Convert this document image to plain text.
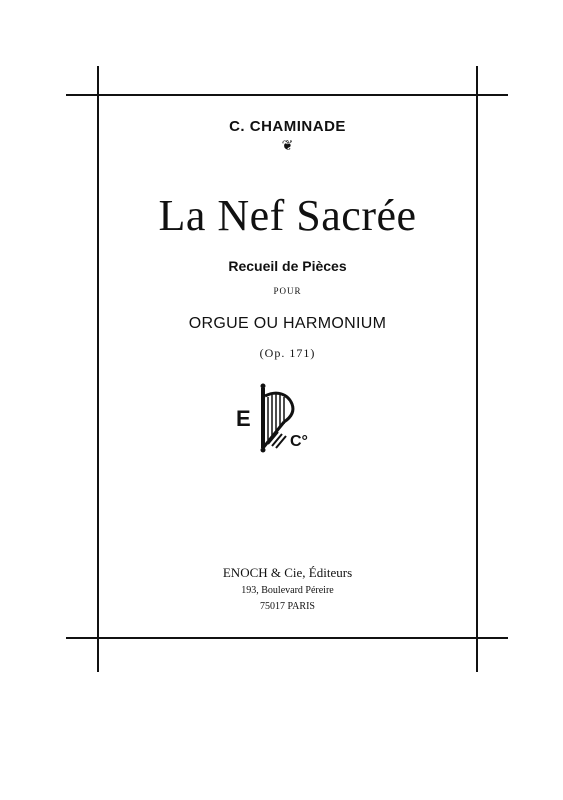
C. CHAMINADE
❦
La Nef Sacrée
Recueil de Pièces
POUR
ORGUE OU HARMONIUM
(Op. 171)
E
C°
ENOCH & Cie, Éditeurs
193, Boulevard Péreire
75017 PARIS
